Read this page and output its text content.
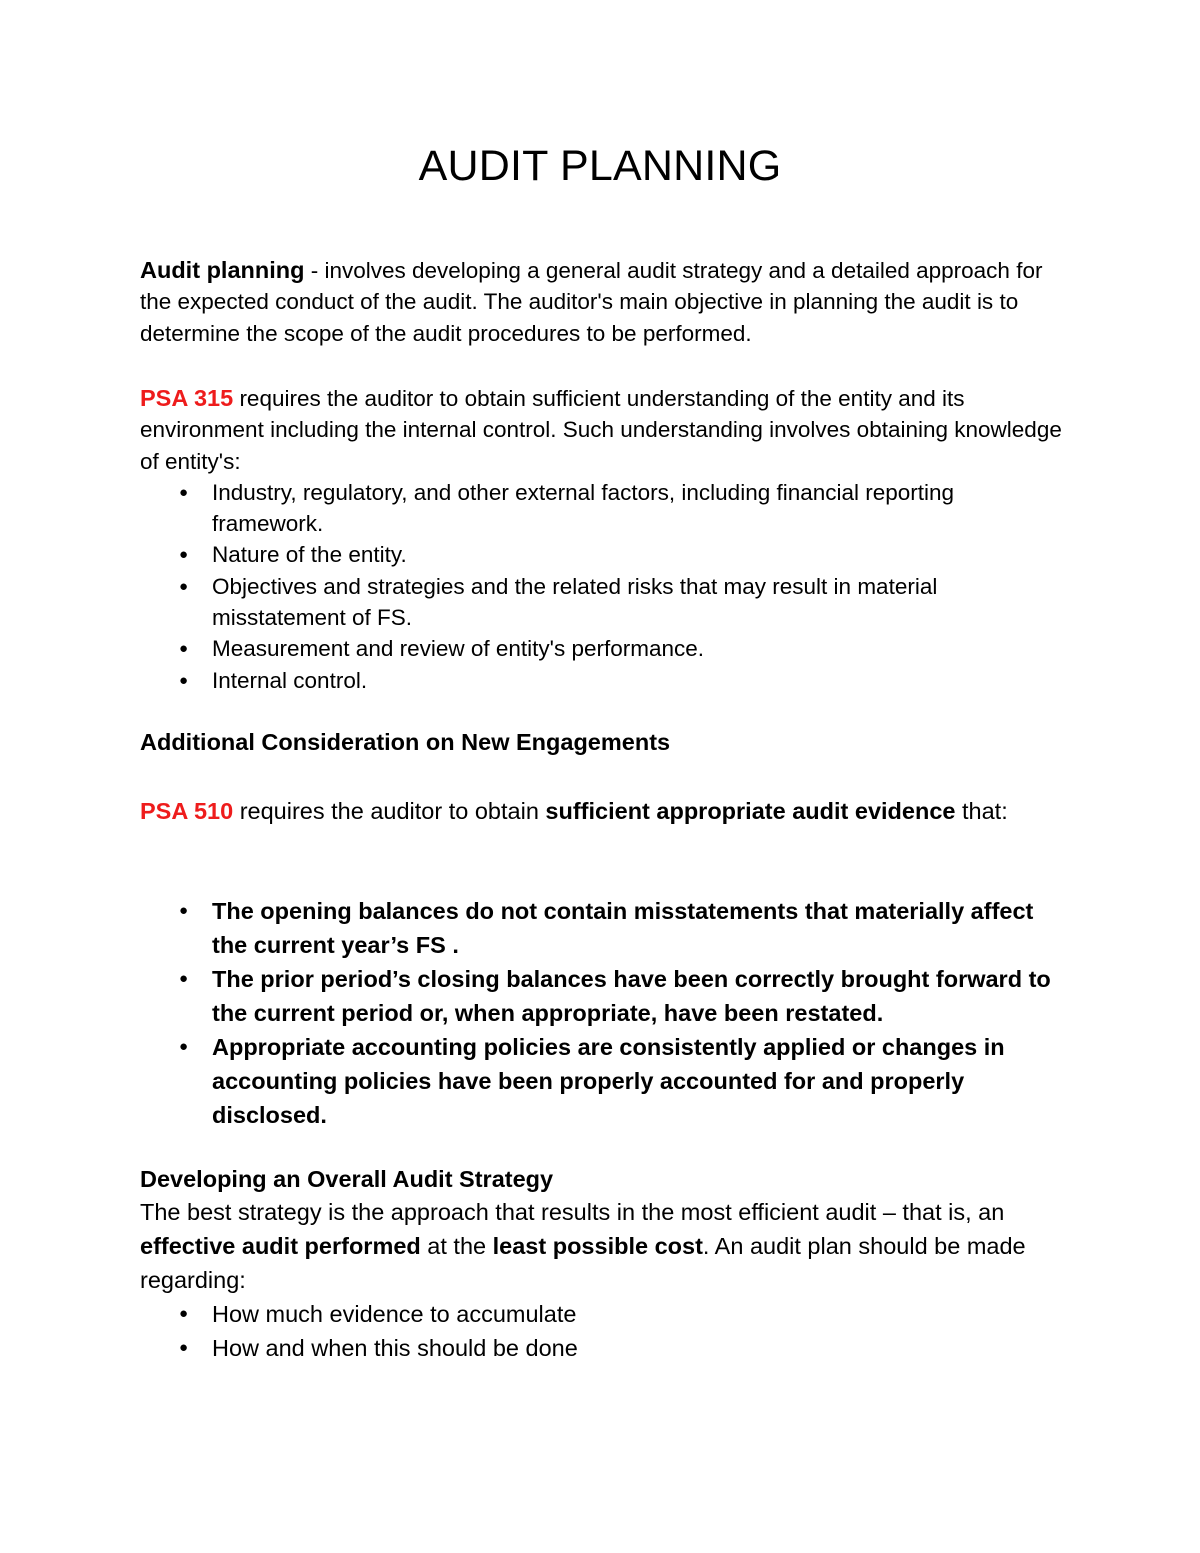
AUDIT PLANNING

Audit planning - involves developing a general audit strategy and a detailed approach for the expected conduct of the audit. The auditor's main objective in planning the audit is to determine the scope of the audit procedures to be performed.

PSA 315 requires the auditor to obtain sufficient understanding of the entity and its environment including the internal control. Such understanding involves obtaining knowledge of entity's:

● Industry, regulatory, and other external factors, including financial reporting framework.
● Nature of the entity.
● Objectives and strategies and the related risks that may result in material misstatement of FS.
● Measurement and review of entity's performance.
● Internal control.

Additional Consideration on New Engagements

PSA 510 requires the auditor to obtain sufficient appropriate audit evidence that:

● The opening balances do not contain misstatements that materially affect the current year’s FS .
● The prior period’s closing balances have been correctly brought forward to the current period or, when appropriate, have been restated.
● Appropriate accounting policies are consistently applied or changes in accounting policies have been properly accounted for and properly disclosed.

Developing an Overall Audit Strategy

The best strategy is the approach that results in the most efficient audit – that is, an effective audit performed at the least possible cost. An audit plan should be made regarding:

● How much evidence to accumulate
● How and when this should be done
